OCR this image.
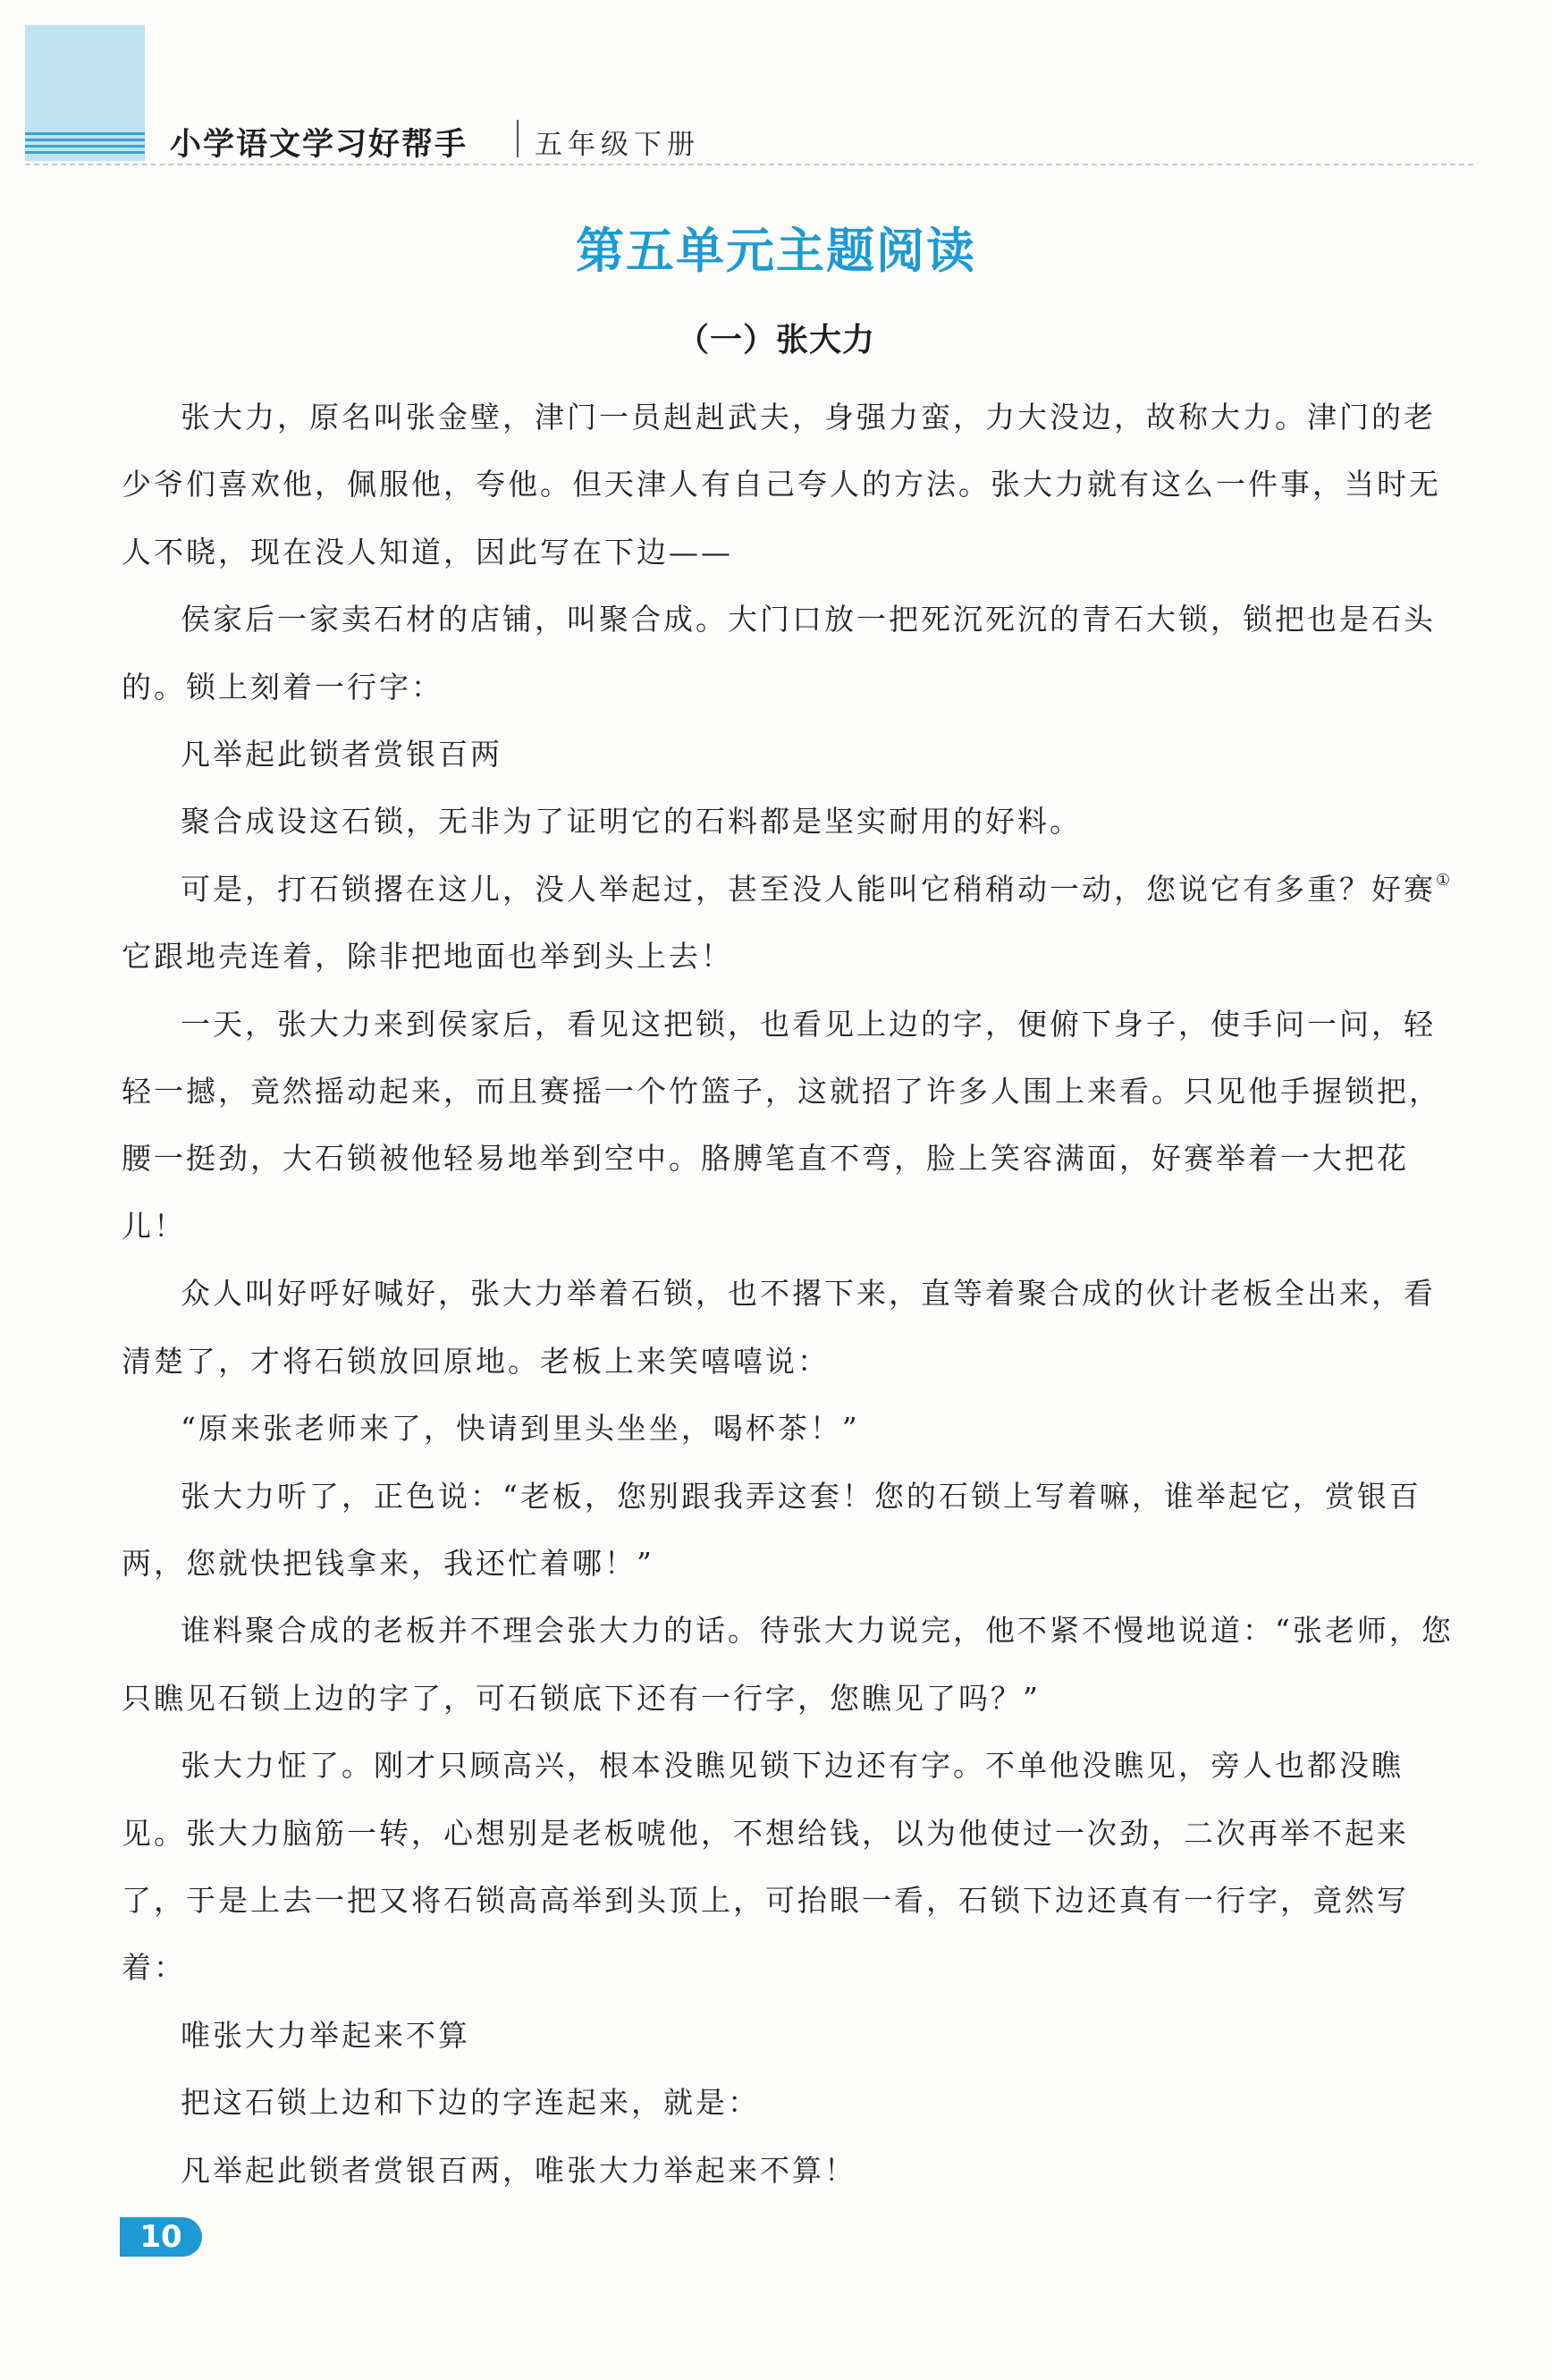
小学语文学习好帮手 五年级下册
第五单元主题阅读
（一）张大力

张大力，原名叫张金壁，津门一员赳赳武夫，身强力蛮，力大没边，故称大力。津门的老少爷们喜欢他，佩服他，夸他。但天津人有自己夸人的方法。张大力就有这么一件事，当时无人不晓，现在没人知道，因此写在下边——

侯家后一家卖石材的店铺，叫聚合成。大门口放一把死沉死沉的青石大锁，锁把也是石头的。锁上刻着一行字：

凡举起此锁者赏银百两

聚合成设这石锁，无非为了证明它的石料都是坚实耐用的好料。

可是，打石锁撂在这儿，没人举起过，甚至没人能叫它稍稍动一动，您说它有多重？好赛①它跟地壳连着，除非把地面也举到头上去！

一天，张大力来到侯家后，看见这把锁，也看见上边的字，便俯下身子，使手问一问，轻轻一撼，竟然摇动起来，而且赛摇一个竹篮子，这就招了许多人围上来看。只见他手握锁把，腰一挺劲，大石锁被他轻易地举到空中。胳膊笔直不弯，脸上笑容满面，好赛举着一大把花儿！

众人叫好呼好喊好，张大力举着石锁，也不撂下来，直等着聚合成的伙计老板全出来，看清楚了，才将石锁放回原地。老板上来笑嘻嘻说：

“原来张老师来了，快请到里头坐坐，喝杯茶！”

张大力听了，正色说：“老板，您别跟我弄这套！您的石锁上写着嘛，谁举起它，赏银百两，您就快把钱拿来，我还忙着哪！”

谁料聚合成的老板并不理会张大力的话。待张大力说完，他不紧不慢地说道：“张老师，您只瞧见石锁上边的字了，可石锁底下还有一行字，您瞧见了吗？”

张大力怔了。刚才只顾高兴，根本没瞧见锁下边还有字。不单他没瞧见，旁人也都没瞧见。张大力脑筋一转，心想别是老板唬他，不想给钱，以为他使过一次劲，二次再举不起来了，于是上去一把又将石锁高高举到头顶上，可抬眼一看，石锁下边还真有一行字，竟然写着：

唯张大力举起来不算

把这石锁上边和下边的字连起来，就是：

凡举起此锁者赏银百两，唯张大力举起来不算！

10
